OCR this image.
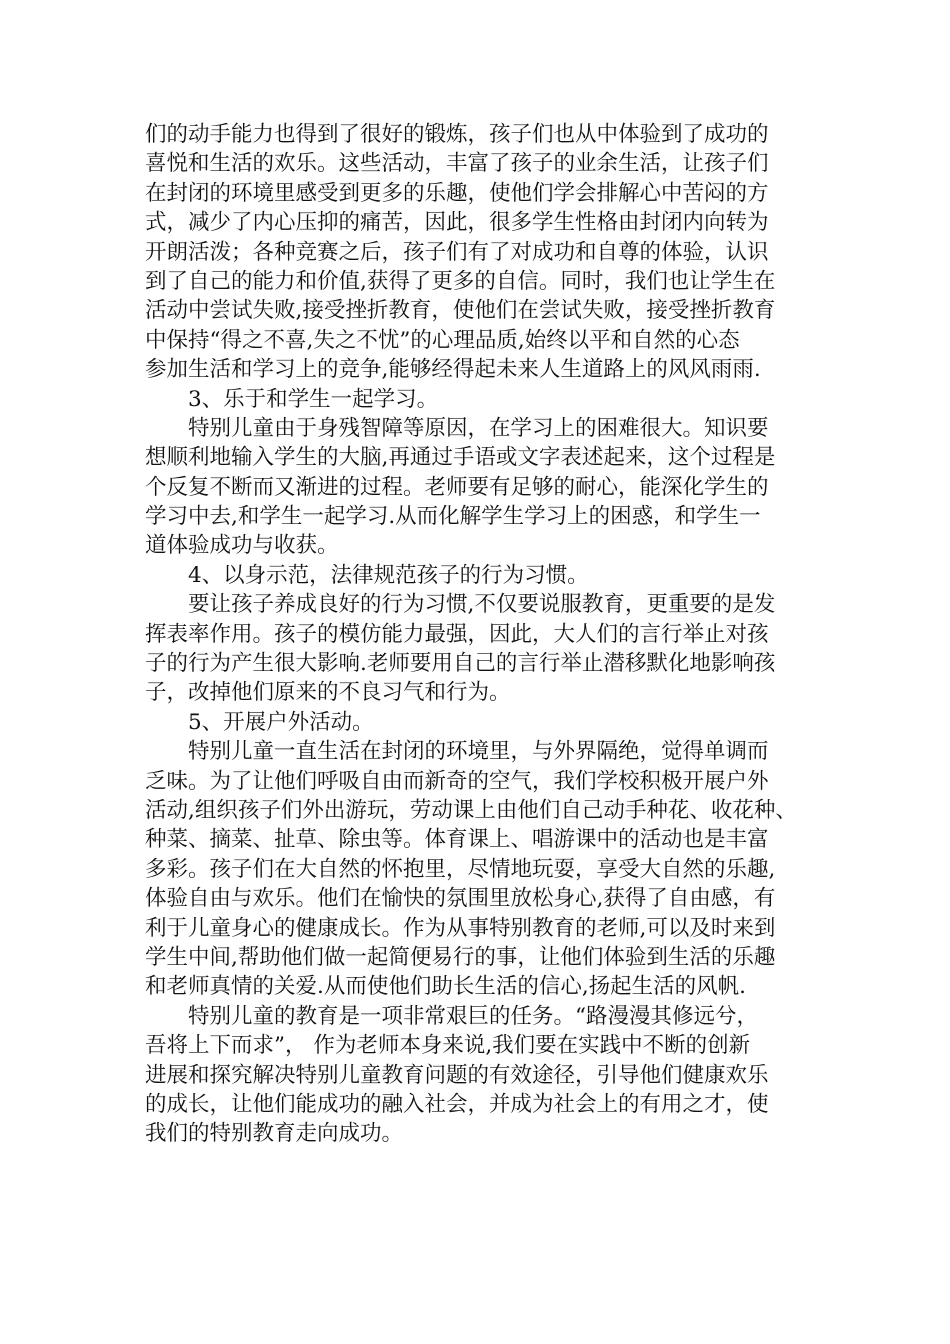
们的动手能力也得到了很好的锻炼，孩子们也从中体验到了成功的
喜悦和生活的欢乐。这些活动，丰富了孩子的业余生活，让孩子们
在封闭的环境里感受到更多的乐趣，使他们学会排解心中苦闷的方
式，减少了内心压抑的痛苦，因此，很多学生性格由封闭内向转为
开朗活泼；各种竞赛之后，孩子们有了对成功和自尊的体验，认识
到了自己的能力和价值,获得了更多的自信。同时，我们也让学生在
活动中尝试失败,接受挫折教育，使他们在尝试失败，接受挫折教育
中保持“得之不喜,失之不忧”的心理品质,始终以平和自然的心态
参加生活和学习上的竞争,能够经得起未来人生道路上的风风雨雨.
3、乐于和学生一起学习。
特别儿童由于身残智障等原因，在学习上的困难很大。知识要
想顺利地输入学生的大脑,再通过手语或文字表述起来，这个过程是
个反复不断而又渐进的过程。老师要有足够的耐心，能深化学生的
学习中去,和学生一起学习.从而化解学生学习上的困惑，和学生一
道体验成功与收获。
4、以身示范，法律规范孩子的行为习惯。
要让孩子养成良好的行为习惯,不仅要说服教育，更重要的是发
挥表率作用。孩子的模仿能力最强，因此，大人们的言行举止对孩
子的行为产生很大影响.老师要用自己的言行举止潜移默化地影响孩
子，改掉他们原来的不良习气和行为。
5、开展户外活动。
特别儿童一直生活在封闭的环境里，与外界隔绝，觉得单调而
乏味。为了让他们呼吸自由而新奇的空气，我们学校积极开展户外
活动,组织孩子们外出游玩，劳动课上由他们自己动手种花、收花种、
种菜、摘菜、扯草、除虫等。体育课上、唱游课中的活动也是丰富
多彩。孩子们在大自然的怀抱里，尽情地玩耍，享受大自然的乐趣,
体验自由与欢乐。他们在愉快的氛围里放松身心,获得了自由感，有
利于儿童身心的健康成长。作为从事特别教育的老师,可以及时来到
学生中间,帮助他们做一起简便易行的事，让他们体验到生活的乐趣
和老师真情的关爱.从而使他们助长生活的信心,扬起生活的风帆.
特别儿童的教育是一项非常艰巨的任务。“路漫漫其修远兮，
吾将上下而求”， 作为老师本身来说,我们要在实践中不断的创新
进展和探究解决特别儿童教育问题的有效途径，引导他们健康欢乐
的成长，让他们能成功的融入社会，并成为社会上的有用之才，使
我们的特别教育走向成功。
